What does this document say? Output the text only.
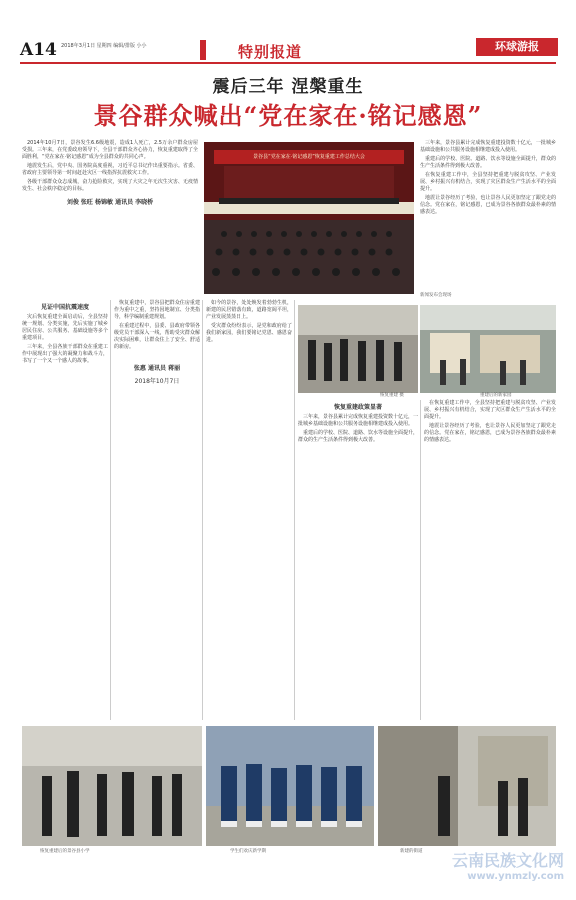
A14 2018年3月1日 星期四 编辑/排版 小小	特别报道	环球游报
震后三年 涅槃重生
景谷群众喊出“党在家在·铭记感恩”

2014年10月7日，景谷发生6.6级地震，造成1人死亡，2.5万余户群众房屋受损。三年来，在党委政府领导下，全县干部群众齐心协力，恢复重建取得了全面胜利，“党在家在·铭记感恩”成为全县群众的共同心声。

地震发生后，党中央、国务院高度重视，习近平总书记作出重要指示。省委、省政府主要领导第一时间赶赴灾区一线指挥抗震救灾工作。

各级干部群众众志成城，奋力抢险救灾，实现了大灾之年无次生灾害、无疫情发生、社会秩序稳定的目标。

刘俊 张旺 杨锦敏 通讯员 李晓桥
景谷县“党在家在·铭记感恩”恢复重建工作总结大会
新闻发布会现场

三年来，景谷县累计完成恢复重建投资数十亿元，一批城乡基础设施和公共服务设施相继建成投入使用。

重建后的学校、医院、道路、饮水等设施全面提升，群众的生产生活条件得到极大改善。

在恢复重建工作中，全县坚持把重建与脱贫攻坚、产业发展、乡村振兴有机结合，实现了灾区群众生产生活水平的全面提升。

地震让景谷经历了考验，也让景谷人民更加坚定了跟党走的信念。党在家在，铭记感恩，已成为景谷各族群众最朴素的情感表达。

见证中国抗震速度

灾后恢复重建全面启动后，全县坚持统一规划、分类实施，先后实施了城乡居民住房、公共服务、基础设施等多个重建项目。

三年来，全县各族干部群众在重建工作中展现出了强大的凝聚力和战斗力，书写了一个又一个感人的故事。

恢复重建中，景谷县把群众住房重建作为重中之重，坚持因地制宜、分类指导，科学编制重建规划。

在重建过程中，县委、县政府带领各级党员干部深入一线，帮助受灾群众解决实际困难，让群众住上了安全、舒适的新房。

张惠 通讯员 蒋丽
2018年10月7日

如今的景谷，处处焕发着勃勃生机，新建的民居错落有致，道路宽阔平坦，产业发展蒸蒸日上。

受灾群众纷纷表示，是党和政府给了我们新家园，我们要铭记党恩、感恩奋进。

恢复重建 摄	重建后的新家园
恢复重建政策显著

三年来，景谷县累计完成恢复重建投资数十亿元，一批城乡基础设施和公共服务设施相继建成投入使用。

重建后的学校、医院、道路、饮水等设施全面提升，群众的生产生活条件得到极大改善。

在恢复重建工作中，全县坚持把重建与脱贫攻坚、产业发展、乡村振兴有机结合，实现了灾区群众生产生活水平的全面提升。

地震让景谷经历了考验，也让景谷人民更加坚定了跟党走的信念。党在家在，铭记感恩，已成为景谷各族群众最朴素的情感表达。

恢复重建后的景谷县小学	学生们欢庆新学期	新建的街道 云南民族文化网
www.ynmzly.com
